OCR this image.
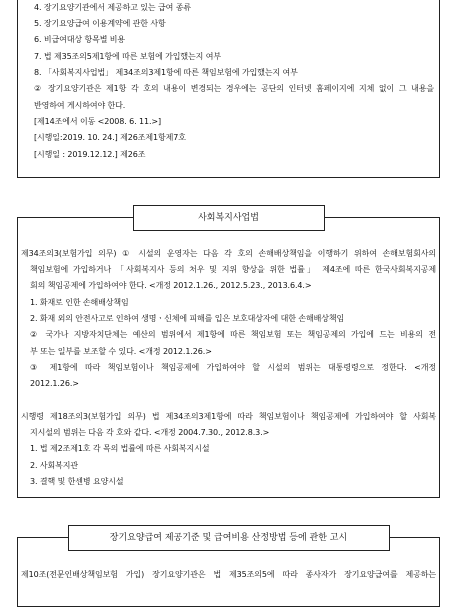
4. 장기요양기관에서 제공하고 있는 급여 종류
5. 장기요양급여 이용계약에 관한 사항
6. 비급여대상 항목별 비용
7. 법 제35조의5제1항에 따른 보험에 가입했는지 여부
8. 「사회복지사업법」 제34조의3제1항에 따른 책임보험에 가입했는지 여부
② 장기요양기관은 제1항 각 호의 내용이 변경되는 경우에는 공단의 인터넷 홈페이지에 지체 없이 그 내용을
반영하여 게시하여야 한다.
[제14조에서 이동 <2008. 6. 11.>]
[시행일:2019. 10. 24.] 제26조제1항제7호
[시행일 : 2019.12.12.] 제26조
사회복지사업법
제34조의3(보험가입 의무) ① 시설의 운영자는 다음 각 호의 손해배상책임을 이행하기 위하여 손해보험회사의
책임보험에 가입하거나 「사회복지사 등의 처우 및 지위 향상을 위한 법률」 제4조에 따른 한국사회복지공제
회의 책임공제에 가입하여야 한다. <개정 2012.1.26., 2012.5.23., 2013.6.4.>
1. 화재로 인한 손해배상책임
2. 화재 외의 안전사고로 인하여 생명ㆍ신체에 피해를 입은 보호대상자에 대한 손해배상책임
② 국가나 지방자치단체는 예산의 범위에서 제1항에 따른 책임보험 또는 책임공제의 가입에 드는 비용의 전
부 또는 일부를 보조할 수 있다. <개정 2012.1.26.>
③ 제1항에 따라 책임보험이나 책임공제에 가입하여야 할 시설의 범위는 대통령령으로 정한다. <개정
2012.1.26.>
시행령 제18조의3(보험가입 의무) 법 제34조의3제1항에 따라 책임보험이나 책임공제에 가입하여야 할 사회복
지시설의 범위는 다음 각 호와 같다. <개정 2004.7.30., 2012.8.3.>
1. 법 제2조제1호 각 목의 법률에 따른 사회복지시설
2. 사회복지관
3. 결핵 및 한센병 요양시설
장기요양급여 제공기준 및 급여비용 산정방법 등에 관한 고시
제10조(전문인배상책임보험 가입) 장기요양기관은 법 제35조의5에 따라 종사자가 장기요양급여를 제공하는
